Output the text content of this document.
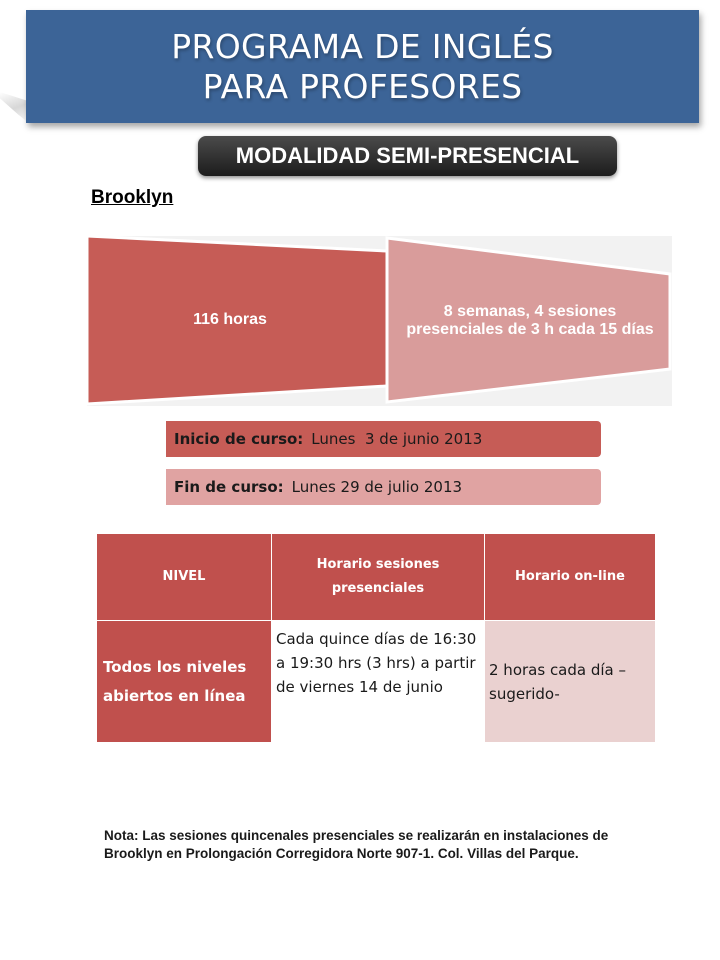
PROGRAMA DE INGLÉS
PARA PROFESORES
MODALIDAD SEMI-PRESENCIAL
Brooklyn
116 horas	8 semanas, 4 sesiones presenciales de 3 h cada 15 días
Inicio de curso: Lunes  3 de junio 2013
Fin de curso: Lunes 29 de julio 2013
NIVEL	Horario sesiones presenciales	Horario on-line
Todos los niveles abiertos en línea	Cada quince días de 16:30 a 19:30 hrs (3 hrs) a partir de viernes 14 de junio	2 horas cada día – sugerido-
Nota: Las sesiones quincenales presenciales se realizarán en instalaciones de Brooklyn en Prolongación Corregidora Norte 907-1. Col. Villas del Parque.
